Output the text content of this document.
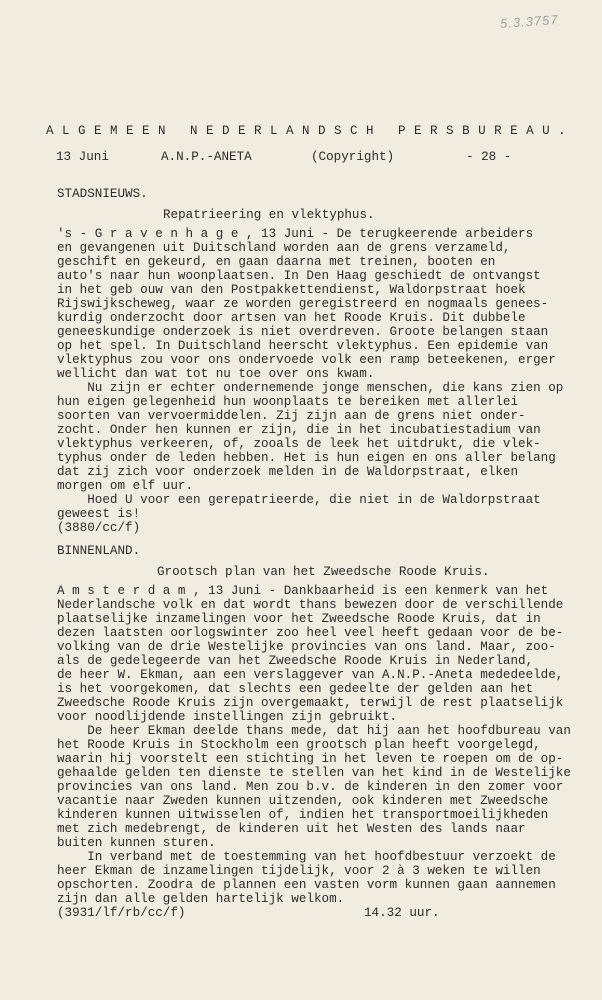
5.3.3757
A L G E M E E N   N E D E R L A N D S C H   P E R S B U R E A U .
13 Juni	A.N.P.-ANETA	(Copyright)	- 28 -
STADSNIEUWS.
Repatrieering en vlektyphus.
's - G r a v e n h a g e , 13 Juni - De terugkeerende arbeiders
en gevangenen uit Duitschland worden aan de grens verzameld,
geschift en gekeurd, en gaan daarna met treinen, booten en
auto's naar hun woonplaatsen. In Den Haag geschiedt de ontvangst
in het geb ouw van den Postpakkettendienst, Waldorpstraat hoek
Rijswijkscheweg, waar ze worden geregistreerd en nogmaals genees-
kurdig onderzocht door artsen van het Roode Kruis. Dit dubbele
geneeskundige onderzoek is niet overdreven. Groote belangen staan
op het spel. In Duitschland heerscht vlektyphus. Een epidemie van
vlektyphus zou voor ons ondervoede volk een ramp beteekenen, erger
wellicht dan wat tot nu toe over ons kwam.
Nu zijn er echter ondernemende jonge menschen, die kans zien op
hun eigen gelegenheid hun woonplaats te bereiken met allerlei
soorten van vervoermiddelen. Zij zijn aan de grens niet onder-
zocht. Onder hen kunnen er zijn, die in het incubatiestadium van
vlektyphus verkeeren, of, zooals de leek het uitdrukt, die vlek-
typhus onder de leden hebben. Het is hun eigen en ons aller belang
dat zij zich voor onderzoek melden in de Waldorpstraat, elken
morgen om elf uur.
Hoed U voor een gerepatrieerde, die niet in de Waldorpstraat
geweest is!
(3880/cc/f)
BINNENLAND.
Grootsch plan van het Zweedsche Roode Kruis.
A m s t e r d a m , 13 Juni - Dankbaarheid is een kenmerk van het
Nederlandsche volk en dat wordt thans bewezen door de verschillende
plaatselijke inzamelingen voor het Zweedsche Roode Kruis, dat in
dezen laatsten oorlogswinter zoo heel veel heeft gedaan voor de be-
volking van de drie Westelijke provincies van ons land. Maar, zoo-
als de gedelegeerde van het Zweedsche Roode Kruis in Nederland,
de heer W. Ekman, aan een verslaggever van A.N.P.-Aneta mededeelde,
is het voorgekomen, dat slechts een gedeelte der gelden aan het
Zweedsche Roode Kruis zijn overgemaakt, terwijl de rest plaatselijk
voor noodlijdende instellingen zijn gebruikt.
De heer Ekman deelde thans mede, dat hij aan het hoofdbureau van
het Roode Kruis in Stockholm een grootsch plan heeft voorgelegd,
waarin hij voorstelt een stichting in het leven te roepen om de op-
gehaalde gelden ten dienste te stellen van het kind in de Westelijke
provincies van ons land. Men zou b.v. de kinderen in den zomer voor
vacantie naar Zweden kunnen uitzenden, ook kinderen met Zweedsche
kinderen kunnen uitwisselen of, indien het transportmoeilijkheden
met zich medebrengt, de kinderen uit het Westen des lands naar
buiten kunnen sturen.
In verband met de toestemming van het hoofdbestuur verzoekt de
heer Ekman de inzamelingen tijdelijk, voor 2 à 3 weken te willen
opschorten. Zoodra de plannen een vasten vorm kunnen gaan aannemen
zijn dan alle gelden hartelijk welkom.
(3931/lf/rb/cc/f)	14.32 uur.
